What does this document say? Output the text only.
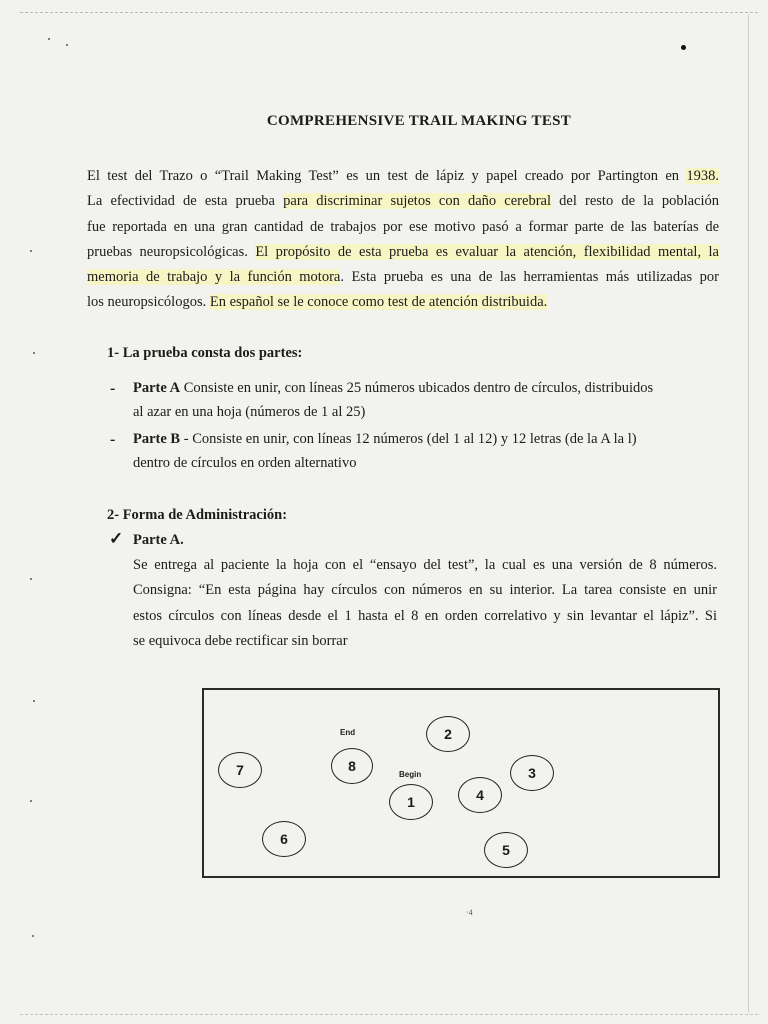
COMPREHENSIVE TRAIL MAKING TEST
El test del Trazo o “Trail Making Test” es un test de lápiz y papel creado por Partington en 1938.
La efectividad de esta prueba para discriminar sujetos con daño cerebral del resto de la población
fue reportada en una gran cantidad de trabajos por ese motivo pasó a formar parte de las baterías de
pruebas neuropsicológicas. El propósito de esta prueba es evaluar la atención, flexibilidad mental, la
memoria de trabajo y la función motora. Esta prueba es una de las herramientas más utilizadas por
los neuropsicólogos. En español se le conoce como test de atención distribuida.
1- La prueba consta dos partes:
- Parte A Consiste en unir, con líneas 25 números ubicados dentro de círculos, distribuidos
al azar en una hoja (números de 1 al 25)
- Parte B - Consiste en unir, con líneas 12 números (del 1 al 12) y 12 letras (de la A la l)
dentro de círculos en orden alternativo
2- Forma de Administración:
✓ Parte A.
Se entrega al paciente la hoja con el “ensayo del test”, la cual es una versión de 8 números.
Consigna: “En esta página hay círculos con números en su interior. La tarea consiste en unir
estos círculos con líneas desde el 1 hasta el 8 en orden correlativo y sin levantar el lápiz”. Si
se equivoca debe rectificar sin borrar
End
Begin
1
2
3
4
5
6
7	8
·4
